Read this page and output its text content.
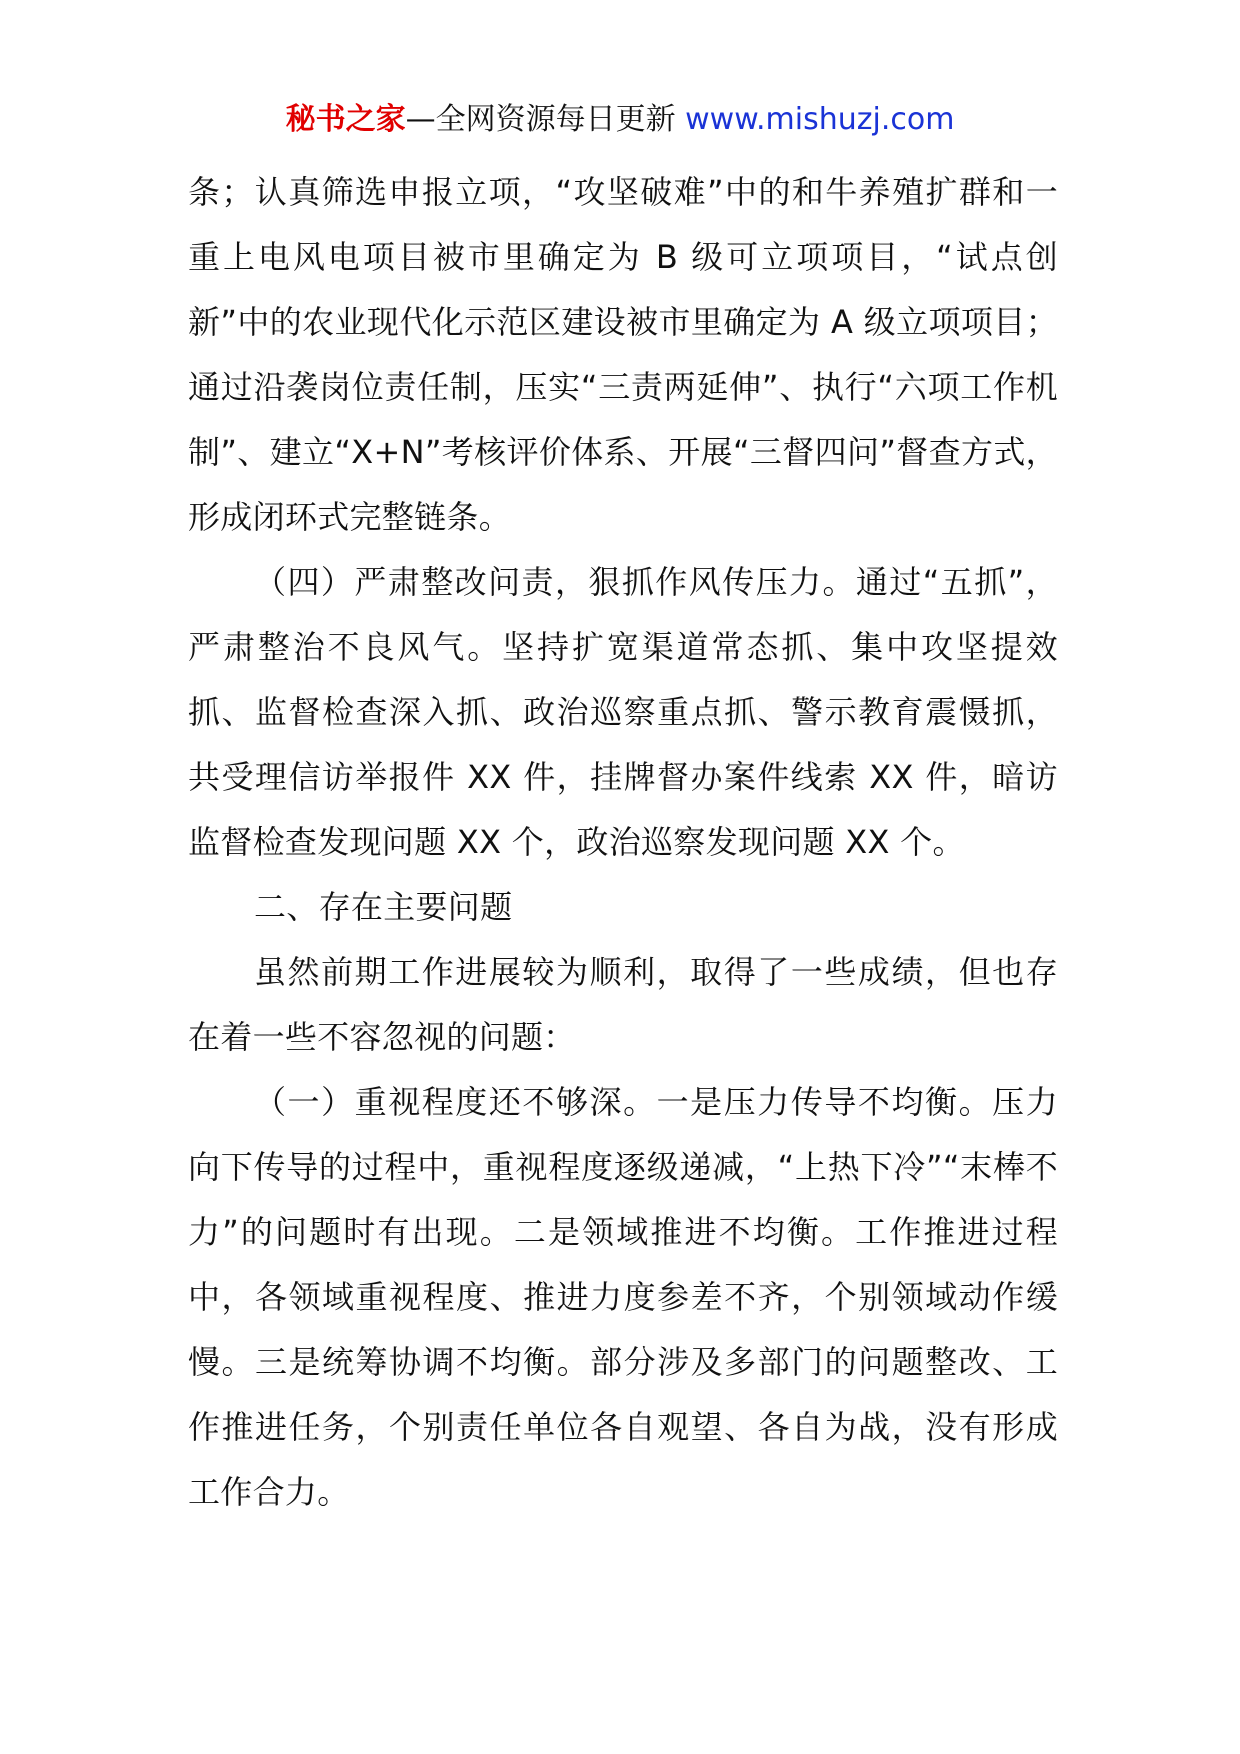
秘书之家—全网资源每日更新 www.mishuzj.com

条；认真筛选申报立项，“攻坚破难”中的和牛养殖扩群和一重上电风电项目被市里确定为 B 级可立项项目，“试点创新”中的农业现代化示范区建设被市里确定为 A 级立项项目；通过沿袭岗位责任制，压实“三责两延伸”、执行“六项工作机制”、建立“X+N”考核评价体系、开展“三督四问”督查方式，形成闭环式完整链条。

（四）严肃整改问责，狠抓作风传压力。通过“五抓”，严肃整治不良风气。坚持扩宽渠道常态抓、集中攻坚提效抓、监督检查深入抓、政治巡察重点抓、警示教育震慑抓，共受理信访举报件 XX 件，挂牌督办案件线索 XX 件，暗访监督检查发现问题 XX 个，政治巡察发现问题 XX 个。

二、存在主要问题

虽然前期工作进展较为顺利，取得了一些成绩，但也存在着一些不容忽视的问题：

（一）重视程度还不够深。一是压力传导不均衡。压力向下传导的过程中，重视程度逐级递减，“上热下冷”“末棒不力”的问题时有出现。二是领域推进不均衡。工作推进过程中，各领域重视程度、推进力度参差不齐，个别领域动作缓慢。三是统筹协调不均衡。部分涉及多部门的问题整改、工作推进任务，个别责任单位各自观望、各自为战，没有形成工作合力。
